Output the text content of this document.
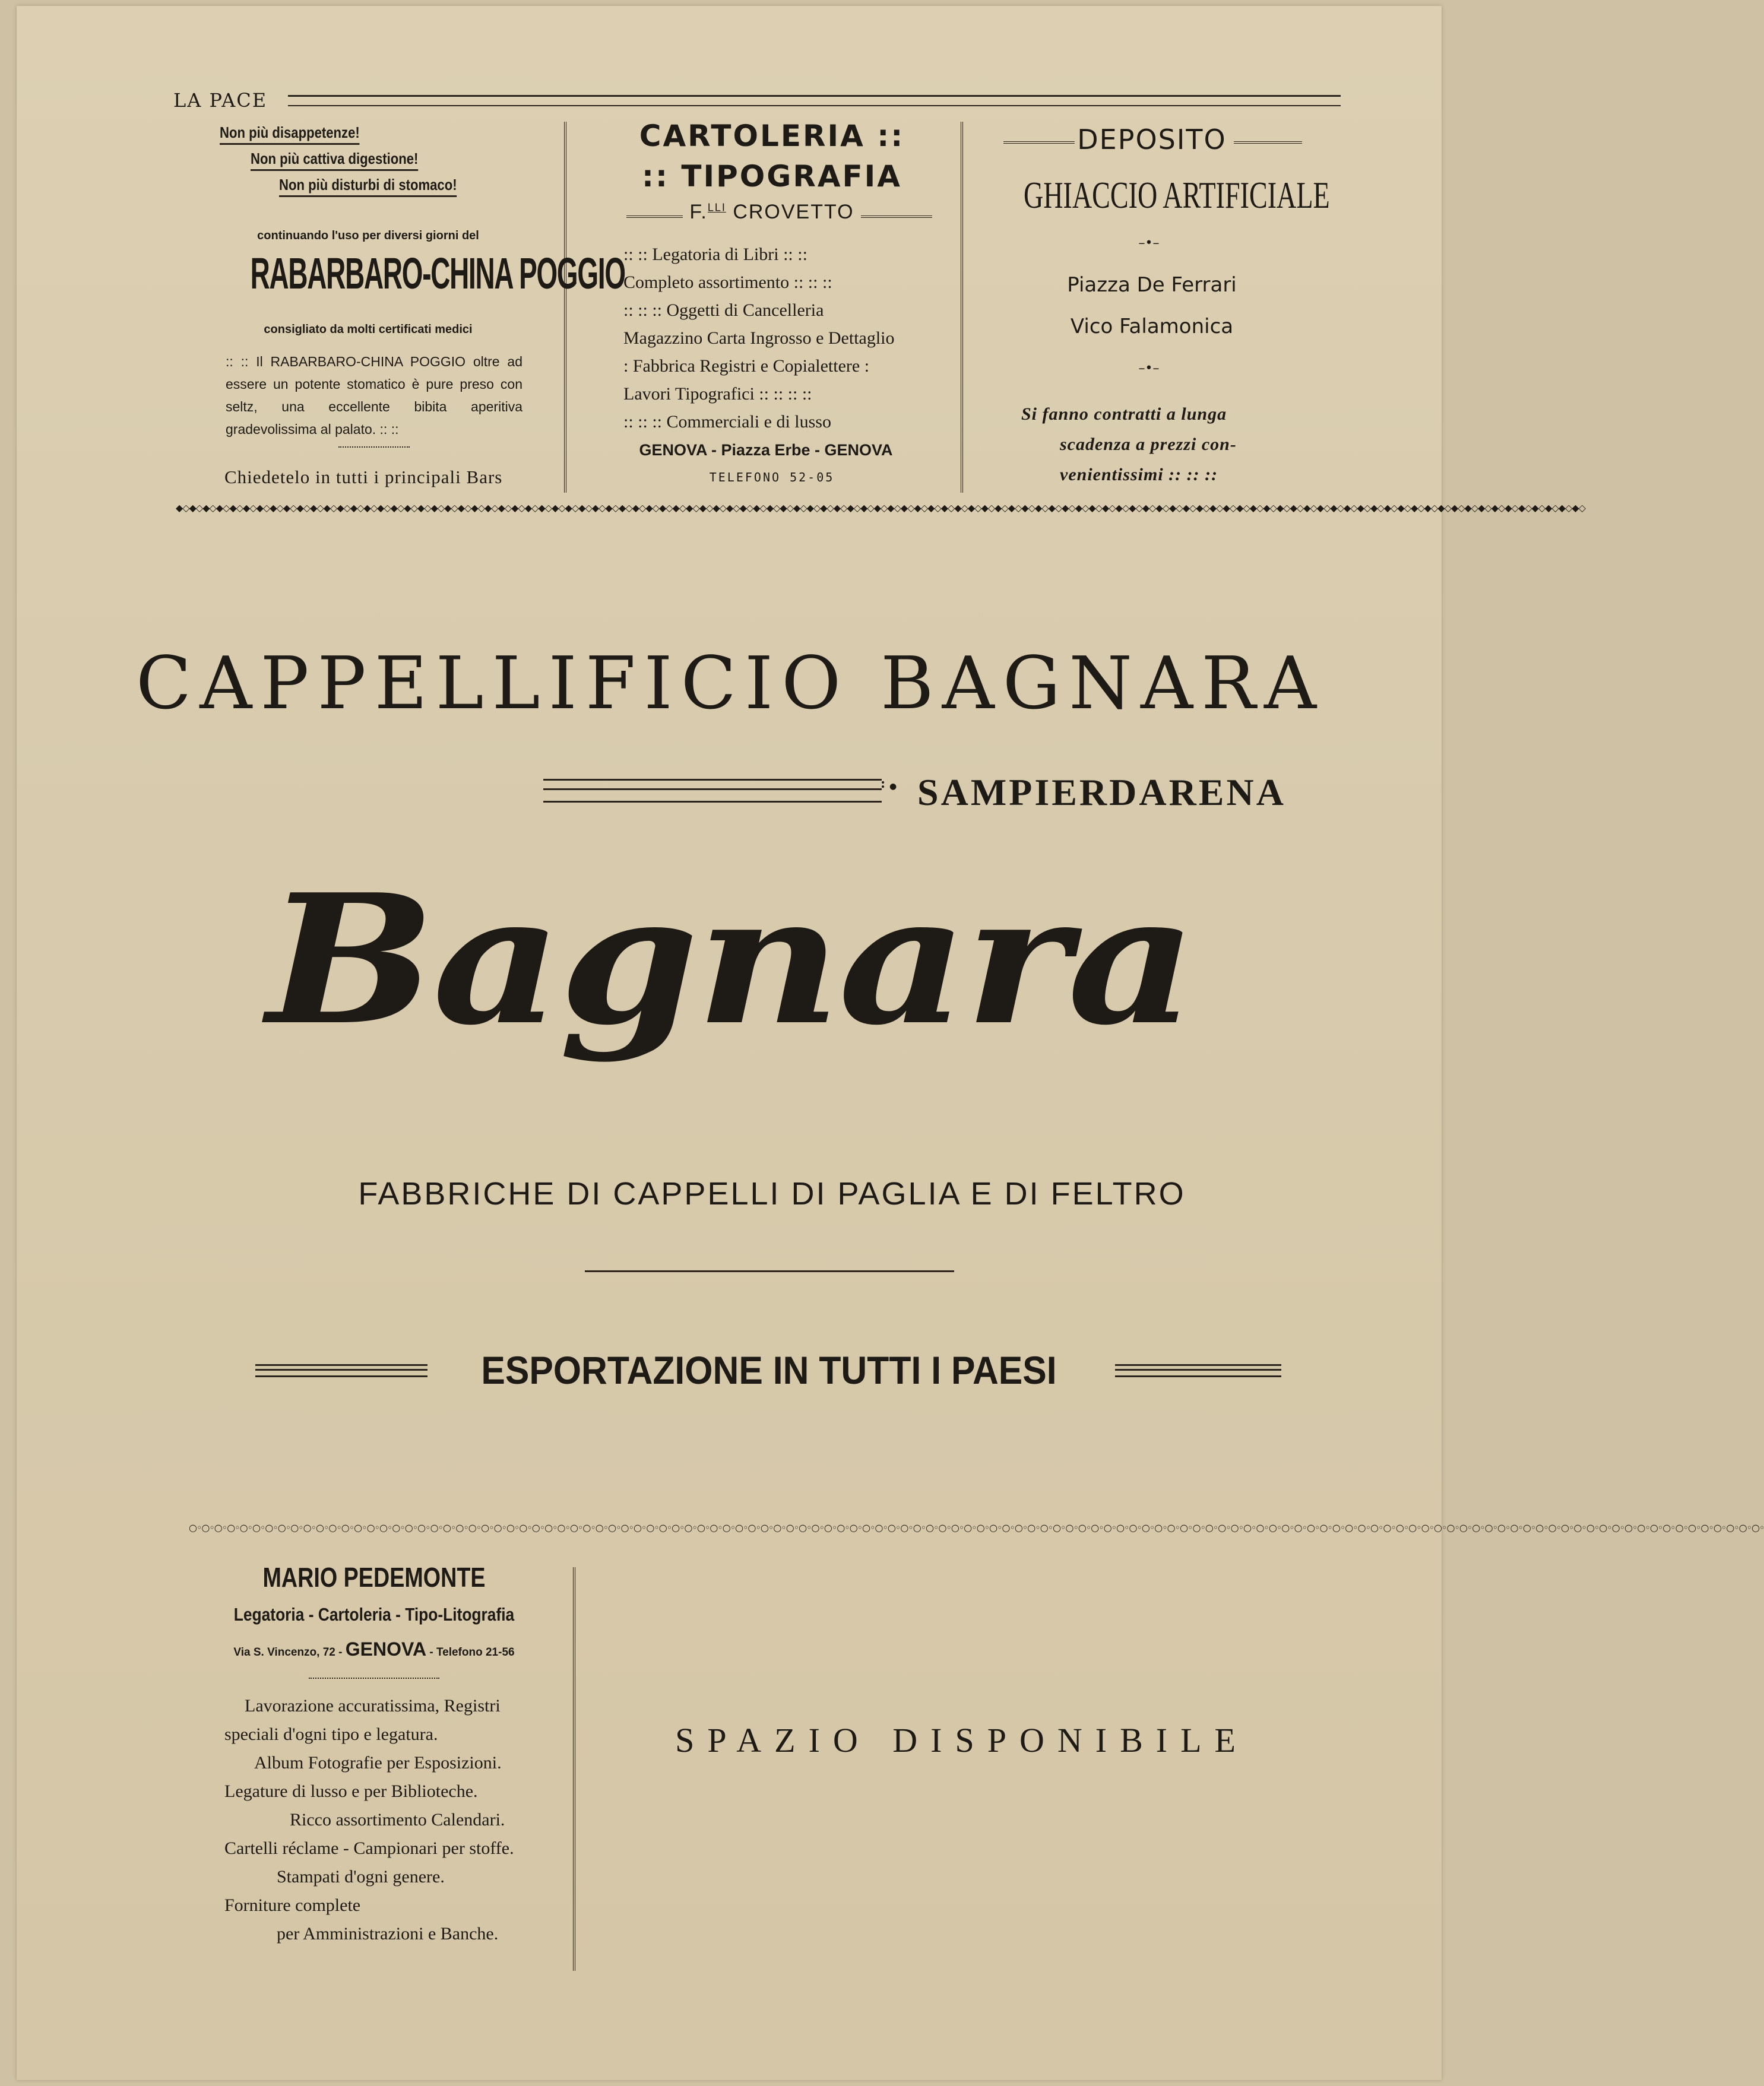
LA PACE
Non più disappetenze!
Non più cattiva digestione!
Non più disturbi di stomaco!
continuando l'uso per diversi giorni del
RABARBARO-CHINA POGGIO
consigliato da molti certificati medici
:: :: Il RABARBARO-CHINA POGGIO oltre ad essere un potente stomatico è pure preso con seltz, una eccellente bibita aperitiva gradevolissima al palato. :: ::
Chiedetelo in tutti i principali Bars
CARTOLERIA ::
:: TIPOGRAFIA
F.$^{LLI}$ CROVETTO
:: :: Legatoria di Libri :: ::
Completo assortimento :: :: ::
:: :: :: Oggetti di Cancelleria
Magazzino Carta Ingrosso e Dettaglio
: Fabbrica Registri e Copialettere :
Lavori Tipografici :: :: :: ::
:: :: :: Commerciali e di lusso
GENOVA - Piazza Erbe - GENOVA
TELEFONO 52-05
DEPOSITO
GHIACCIO ARTIFICIALE
–•–
Piazza De Ferrari
Vico Falamonica
–•–
Si fanno contratti a lunga
scadenza a prezzi con-
venientissimi :: :: ::
◆◇◆◇◆◇◆◇◆◇◆◇◆◇◆◇◆◇◆◇◆◇◆◇◆◇◆◇◆◇◆◇◆◇◆◇◆◇◆◇◆◇◆◇◆◇◆◇◆◇◆◇◆◇◆◇◆◇◆◇◆◇◆◇◆◇◆◇◆◇◆◇◆◇◆◇◆◇◆◇◆◇◆◇◆◇◆◇◆◇◆◇◆◇◆◇◆◇◆◇◆◇◆◇◆◇◆◇◆◇◆◇◆◇◆◇◆◇◆◇◆◇◆◇◆◇◆◇◆◇◆◇◆◇◆◇◆◇◆◇◆◇◆◇◆◇◆◇◆◇◆◇◆◇◆◇◆◇◆◇◆◇◆◇◆◇◆◇◆◇◆◇◆◇◆◇◆◇◆◇◆◇◆◇◆◇◆◇◆◇◆◇◆◇◆◇◆◇◆◇◆◇◆◇◆◇◆◇◆◇
CAPPELLIFICIO BAGNARA
: ● SAMPIERDARENA
Bagnara
FABBRICHE DI CAPPELLI DI PAGLIA E DI FELTRO
ESPORTAZIONE IN TUTTI I PAESI
○◦○◦○◦○◦○◦○◦○◦○◦○◦○◦○◦○◦○◦○◦○◦○◦○◦○◦○◦○◦○◦○◦○◦○◦○◦○◦○◦○◦○◦○◦○◦○◦○◦○◦○◦○◦○◦○◦○◦○◦○◦○◦○◦○◦○◦○◦○◦○◦○◦○◦○◦○◦○◦○◦○◦○◦○◦○◦○◦○◦○◦○◦○◦○◦○◦○◦○◦○◦○◦○◦○◦○◦○◦○◦○◦○◦○◦○◦○◦○◦○◦○◦○◦○◦○◦○◦○◦○◦○◦○◦○◦○◦○◦○◦○◦○◦○◦○◦○◦○◦○◦○◦○◦○◦○◦○◦○◦○◦○◦○◦○◦○◦○◦○◦○◦○◦○◦○◦○◦○◦○◦○◦○◦○◦
MARIO PEDEMONTE
Legatoria - Cartoleria - Tipo-Litografia
Via S. Vincenzo, 72 - GENOVA - Telefono 21-56
Lavorazione accuratissima, Registri
speciali d'ogni tipo e legatura.
Album Fotografie per Esposizioni.
Legature di lusso e per Biblioteche.
Ricco assortimento Calendari.
Cartelli réclame - Campionari per stoffe.
Stampati d'ogni genere.
Forniture complete
per Amministrazioni e Banche.
SPAZIO DISPONIBILE
